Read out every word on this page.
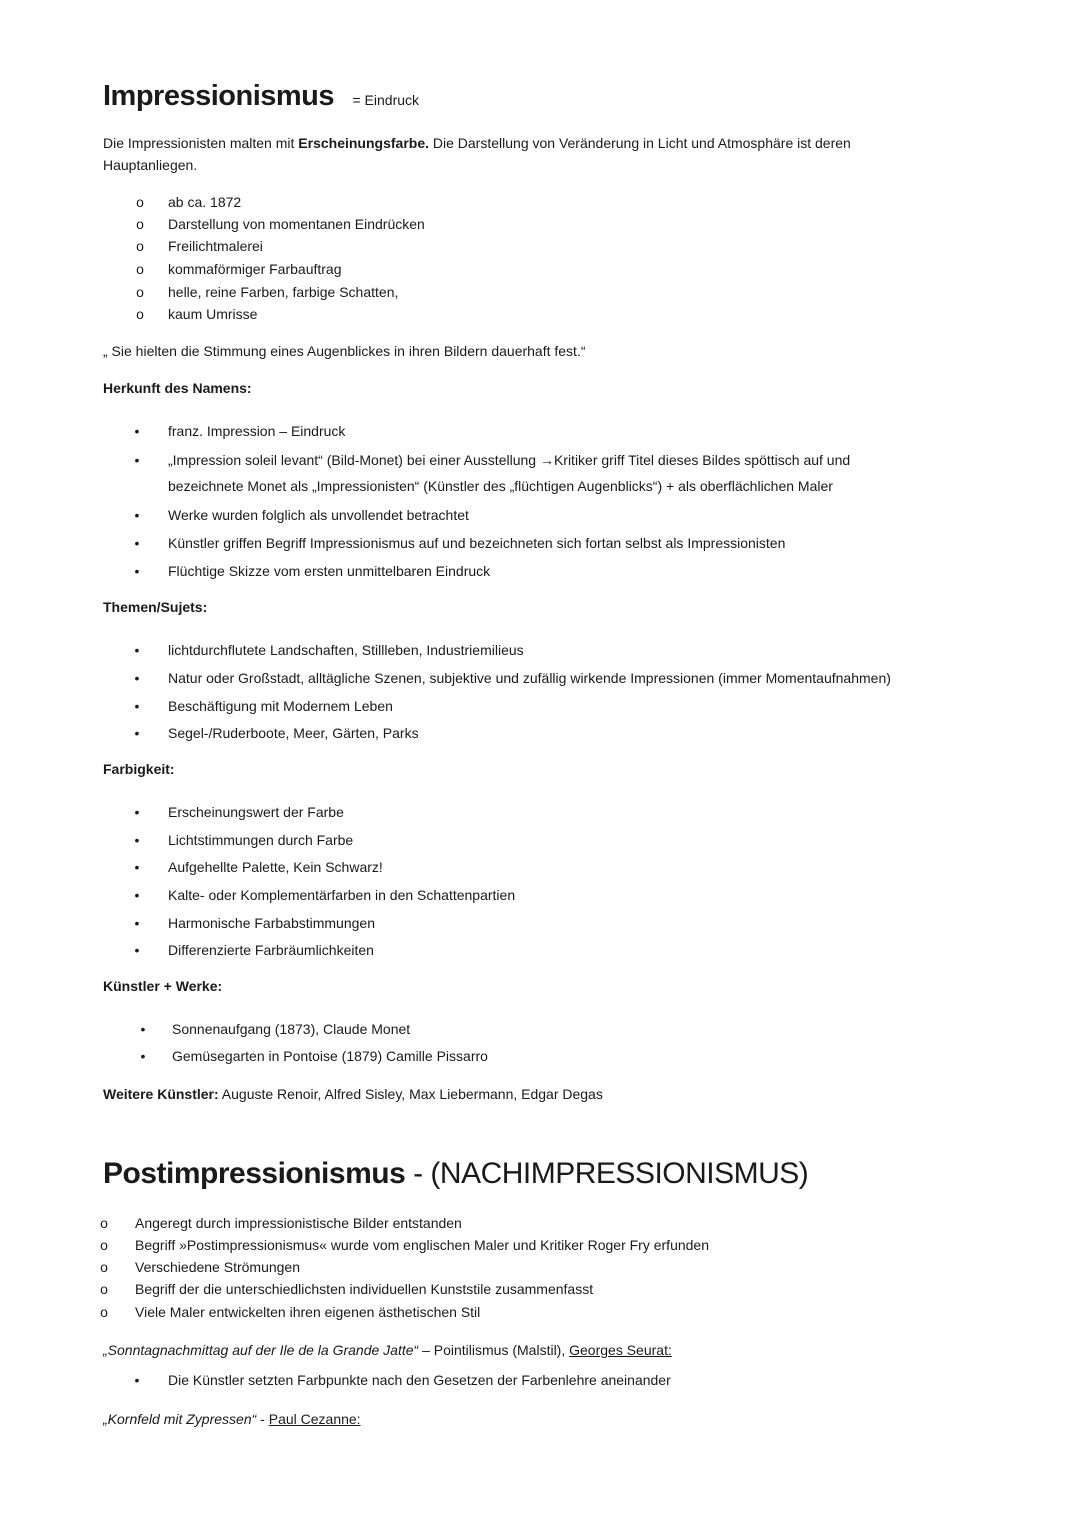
Impressionismus = Eindruck
Die Impressionisten malten mit Erscheinungsfarbe. Die Darstellung von Veränderung in Licht und Atmosphäre ist deren
Hauptanliegen.
o ab ca. 1872
o Darstellung von momentanen Eindrücken
o Freilichtmalerei
o kommaförmiger Farbauftrag
o helle, reine Farben, farbige Schatten,
o kaum Umrisse
„ Sie hielten die Stimmung eines Augenblickes in ihren Bildern dauerhaft fest.“
Herkunft des Namens:
•
franz. Impression – Eindruck
•
„Impression soleil levant“ (Bild-Monet) bei einer Ausstellung →Kritiker griff Titel dieses Bildes spöttisch auf und
bezeichnete Monet als „Impressionisten“ (Künstler des „flüchtigen Augenblicks“) + als oberflächlichen Maler
•
Werke wurden folglich als unvollendet betrachtet
•
Künstler griffen Begriff Impressionismus auf und bezeichneten sich fortan selbst als Impressionisten
•
Flüchtige Skizze vom ersten unmittelbaren Eindruck
Themen/Sujets:
•
lichtdurchflutete Landschaften, Stillleben, Industriemilieus
•
Natur oder Großstadt, alltägliche Szenen, subjektive und zufällig wirkende Impressionen (immer Momentaufnahmen)
•
Beschäftigung mit Modernem Leben
•
Segel-/Ruderboote, Meer, Gärten, Parks
Farbigkeit:
•
Erscheinungswert der Farbe
•
Lichtstimmungen durch Farbe
•
Aufgehellte Palette, Kein Schwarz!
•
Kalte- oder Komplementärfarben in den Schattenpartien
•
Harmonische Farbabstimmungen
•
Differenzierte Farbräumlichkeiten
Künstler + Werke:
•
Sonnenaufgang (1873), Claude Monet
•
Gemüsegarten in Pontoise (1879) Camille Pissarro
Weitere Künstler: Auguste Renoir, Alfred Sisley, Max Liebermann, Edgar Degas
Postimpressionismus - (NACHIMPRESSIONISMUS)
o Angeregt durch impressionistische Bilder entstanden
o Begriff »Postimpressionismus« wurde vom englischen Maler und Kritiker Roger Fry erfunden
o Verschiedene Strömungen
o Begriff der die unterschiedlichsten individuellen Kunststile zusammenfasst
o Viele Maler entwickelten ihren eigenen ästhetischen Stil
„Sonntagnachmittag auf der Ile de la Grande Jatte“ – Pointilismus (Malstil), Georges Seurat:
•
Die Künstler setzten Farbpunkte nach den Gesetzen der Farbenlehre aneinander
„Kornfeld mit Zypressen“ - Paul Cezanne:
